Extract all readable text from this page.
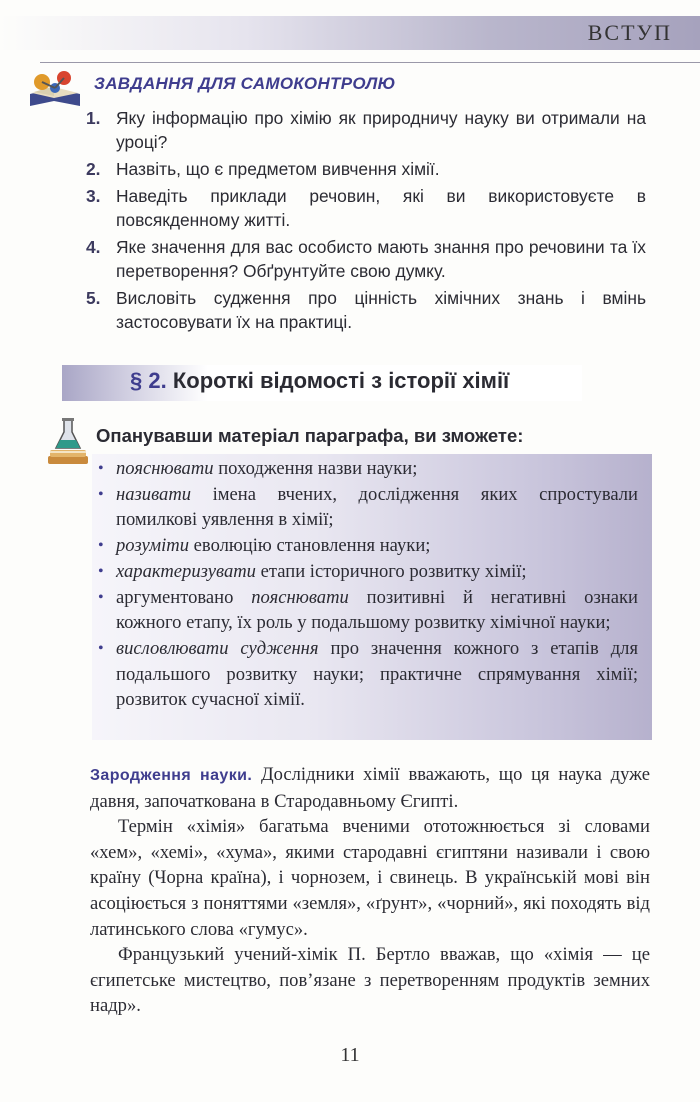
ВСТУП
ЗАВДАННЯ ДЛЯ САМОКОНТРОЛЮ
1. Яку інформацію про хімію як природничу науку ви отримали на уроці?
2. Назвіть, що є предметом вивчення хімії.
3. Наведіть приклади речовин, які ви використовуєте в повсякденному житті.
4. Яке значення для вас особисто мають знання про речовини та їх перетворення? Обґрунтуйте свою думку.
5. Висловіть судження про цінність хімічних знань і вмінь застосовувати їх на практиці.
§ 2. Короткі відомості з історії хімії
Опанувавши матеріал параграфа, ви зможете:
• пояснювати походження назви науки;
• називати імена вчених, дослідження яких спростували помилкові уявлення в хімії;
• розуміти еволюцію становлення науки;
• характеризувати етапи історичного розвитку хімії;
• аргументовано пояснювати позитивні й негативні ознаки кожного етапу, їх роль у подальшому розвитку хімічної науки;
• висловлювати судження про значення кожного з етапів для подальшого розвитку науки; практичне спрямування хімії; розвиток сучасної хімії.

Зародження науки. Дослідники хімії вважають, що ця наука дуже давня, започаткована в Стародавньому Єгипті.

Термін «хімія» багатьма вченими ототожнюється зі словами «хем», «хемі», «хума», якими стародавні єгиптяни називали і свою країну (Чорна країна), і чорнозем, і свинець. В українській мові він асоціюється з поняттями «земля», «ґрунт», «чорний», які походять від латинського слова «гумус».

Французький учений-хімік П. Бертло вважав, що «хімія — це єгипетське мистецтво, пов’язане з перетворенням продуктів земних надр».

11
